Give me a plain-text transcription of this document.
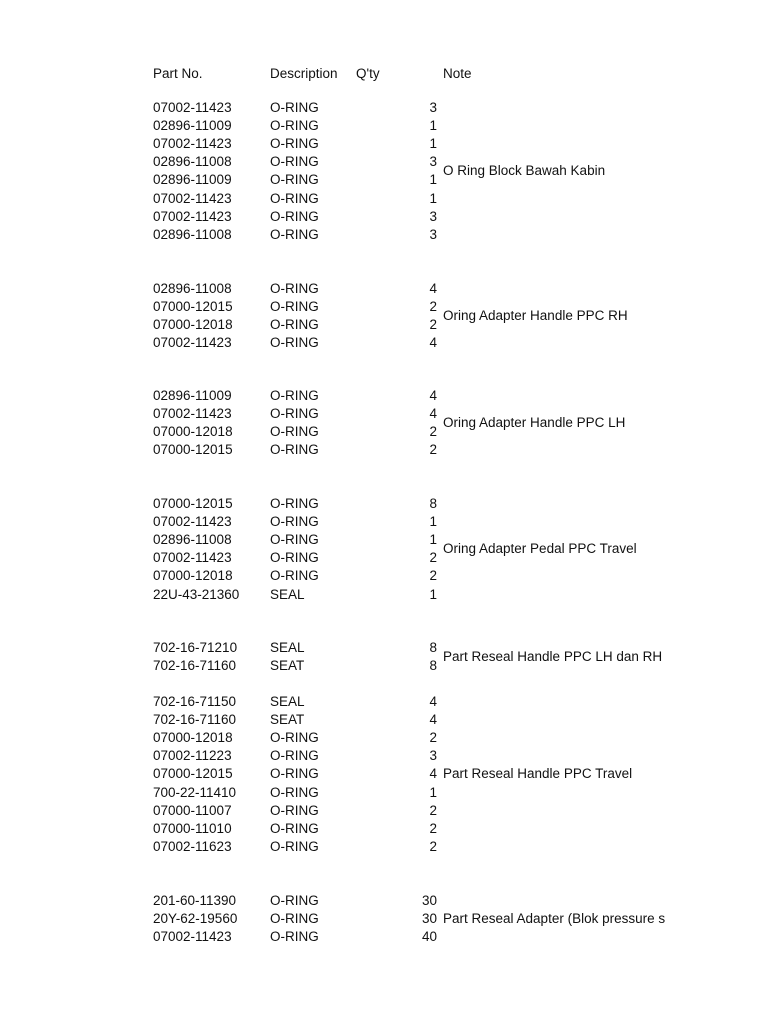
Part No.	Description Q'ty	Note
07002-11423	O-RING	3
02896-11009	O-RING	1
07002-11423	O-RING	1
02896-11008	O-RING	3
02896-11009	O-RING	1
07002-11423	O-RING	1
07002-11423	O-RING	3
02896-11008	O-RING	3
O Ring Block Bawah Kabin
02896-11008	O-RING	4
07000-12015	O-RING	2
07000-12018	O-RING	2
07002-11423	O-RING	4
Oring Adapter Handle PPC RH
02896-11009	O-RING	4
07002-11423	O-RING	4
07000-12018	O-RING	2
07000-12015	O-RING	2
Oring Adapter Handle PPC LH
07000-12015	O-RING	8
07002-11423	O-RING	1
02896-11008	O-RING	1
07002-11423	O-RING	2
07000-12018	O-RING	2
22U-43-21360 SEAL	1
Oring Adapter Pedal PPC Travel
702-16-71210 SEAL	8
702-16-71160	SEAT	8
Part Reseal Handle PPC LH dan RH
702-16-71150	SEAL	4
702-16-71160	SEAT	4
07000-12018	O-RING	2
07002-11223	O-RING	3
07000-12015	O-RING	4
700-22-11410	O-RING	1
07000-11007	O-RING	2
07000-11010	O-RING	2
07002-11623	O-RING	2
Part Reseal Handle PPC Travel
201-60-11390	O-RING	30
20Y-62-19560 O-RING	30
07002-11423	O-RING	40
Part Reseal Adapter (Blok pressure s
